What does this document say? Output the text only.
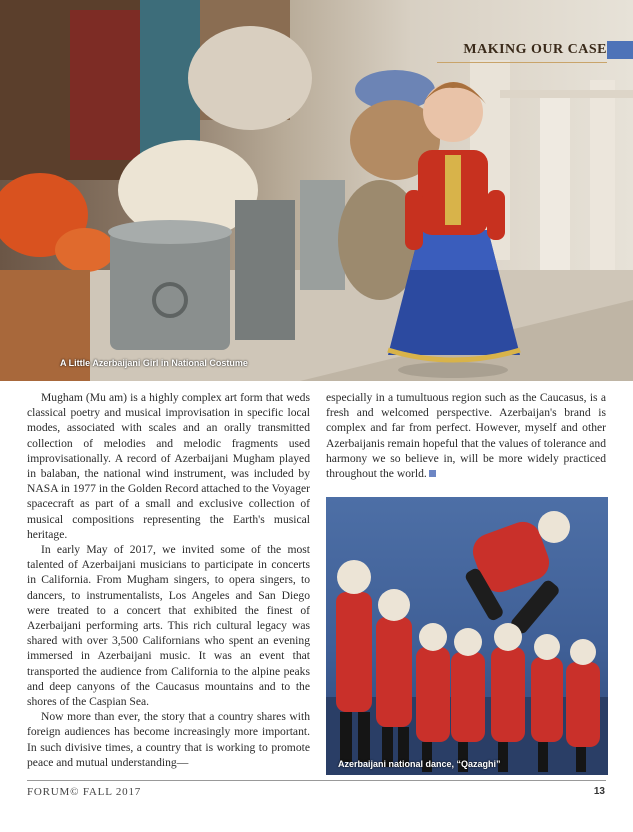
MAKING OUR CASE
A Little Azerbaijani Girl in National Costume

Mugham (Mu am) is a highly complex art form that weds classical poetry and musical improvisation in specific local modes, associated with scales and an orally transmitted collection of melodies and melodic fragments used improvisationally. A record of Azerbaijani Mugham played in balaban, the national wind instrument, was included by NASA in 1977 in the Golden Record attached to the Voyager spacecraft as part of a small and exclusive collection of musical compositions representing the Earth's musical heritage.

In early May of 2017, we invited some of the most talented of Azerbaijani musicians to participate in concerts in California. From Mugham singers, to opera singers, to dancers, to instrumentalists, Los Angeles and San Diego were treated to a concert that exhibited the finest of Azerbaijani performing arts. This rich cultural legacy was shared with over 3,500 Californians who spent an evening immersed in Azerbaijani music. It was an event that transported the audience from California to the alpine peaks and deep canyons of the Caucasus mountains and to the shores of the Caspian Sea.

Now more than ever, the story that a country shares with foreign audiences has become increasingly more important. In such divisive times, a country that is working to promote peace and mutual understanding—

especially in a tumultuous region such as the Caucasus, is a fresh and welcomed perspective. Azerbaijan's brand is complex and far from perfect. However, myself and other Azerbaijanis remain hopeful that the values of tolerance and harmony we so believe in, will be more widely practiced throughout the world.

Azerbaijani national dance, “Qazaghi”
FORUM© FALL 2017	13
